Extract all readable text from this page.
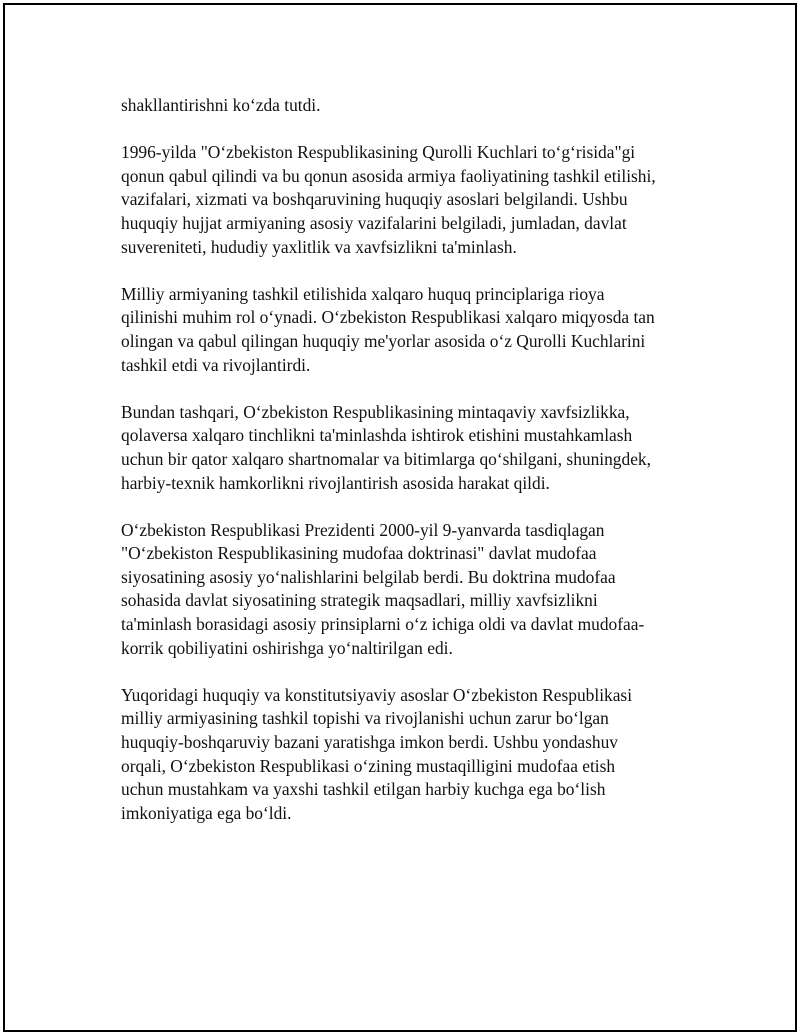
shakllantirishni ko‘zda tutdi.

1996-yilda "O‘zbekiston Respublikasining Qurolli Kuchlari to‘g‘risida"gi
qonun qabul qilindi va bu qonun asosida armiya faoliyatining tashkil etilishi,
vazifalari, xizmati va boshqaruvining huquqiy asoslari belgilandi. Ushbu
huquqiy hujjat armiyaning asosiy vazifalarini belgiladi, jumladan, davlat
suvereniteti, hududiy yaxlitlik va xavfsizlikni ta'minlash.

Milliy armiyaning tashkil etilishida xalqaro huquq principlariga rioya
qilinishi muhim rol o‘ynadi. O‘zbekiston Respublikasi xalqaro miqyosda tan
olingan va qabul qilingan huquqiy me'yorlar asosida o‘z Qurolli Kuchlarini
tashkil etdi va rivojlantirdi.

Bundan tashqari, O‘zbekiston Respublikasining mintaqaviy xavfsizlikka,
qolaversa xalqaro tinchlikni ta'minlashda ishtirok etishini mustahkamlash
uchun bir qator xalqaro shartnomalar va bitimlarga qo‘shilgani, shuningdek,
harbiy-texnik hamkorlikni rivojlantirish asosida harakat qildi.

O‘zbekiston Respublikasi Prezidenti 2000-yil 9-yanvarda tasdiqlagan
"O‘zbekiston Respublikasining mudofaa doktrinasi" davlat mudofaa
siyosatining asosiy yo‘nalishlarini belgilab berdi. Bu doktrina mudofaa
sohasida davlat siyosatining strategik maqsadlari, milliy xavfsizlikni
ta'minlash borasidagi asosiy prinsiplarni o‘z ichiga oldi va davlat mudofaa-
korrik qobiliyatini oshirishga yo‘naltirilgan edi.

Yuqoridagi huquqiy va konstitutsiyaviy asoslar O‘zbekiston Respublikasi
milliy armiyasining tashkil topishi va rivojlanishi uchun zarur bo‘lgan
huquqiy-boshqaruviy bazani yaratishga imkon berdi. Ushbu yondashuv
orqali, O‘zbekiston Respublikasi o‘zining mustaqilligini mudofaa etish
uchun mustahkam va yaxshi tashkil etilgan harbiy kuchga ega bo‘lish
imkoniyatiga ega bo‘ldi.
